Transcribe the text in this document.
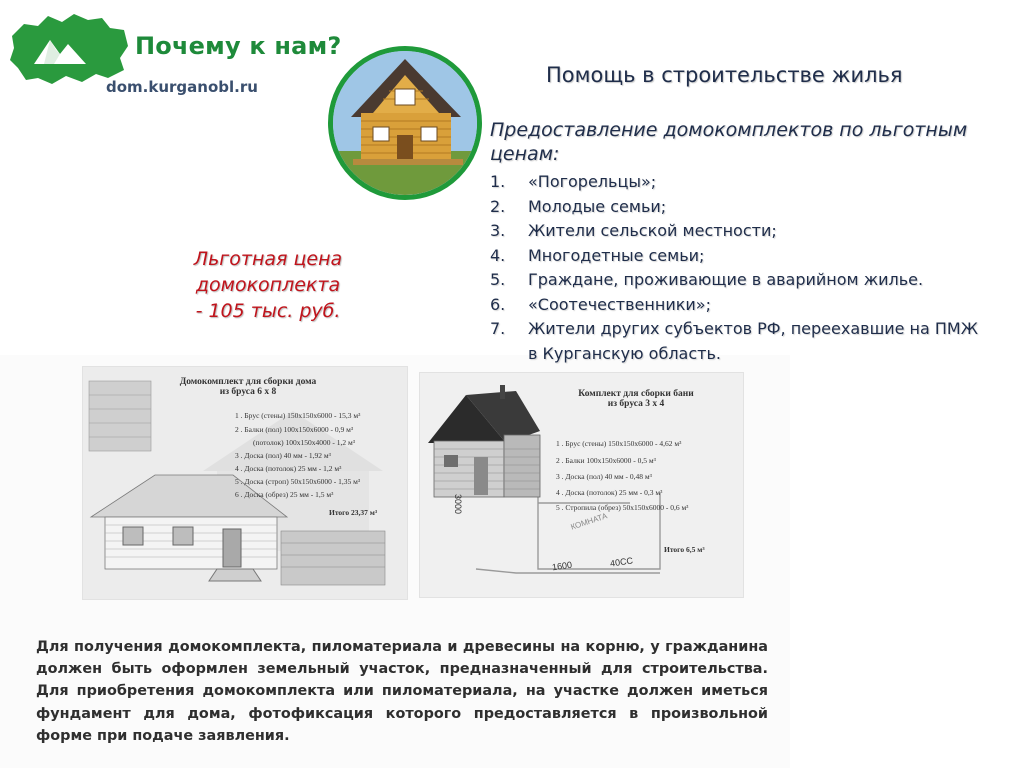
Почему к нам?
dom.kurganobl.ru	Помощь в строительстве жилья
Предоставление домокомплектов по льготным ценам:
1. «Погорельцы»;
2. Молодые семьи;
3. Жители сельской местности;
4. Многодетные семьи;
5. Граждане, проживающие в аварийном жилье.
6. «Соотечественники»;
7. Жители других субъектов РФ, переехавшие на ПМЖ в Курганскую область.
Льготная цена
домокоплекта
- 105 тыс. руб.
Домокомплект для сборки дома
из бруса 6 х 8
1 . Брус (стены) 150х150х6000 - 15,3 м³
2 . Балки (пол) 100х150х6000 - 0,9 м³
(потолок) 100х150х4000 - 1,2 м³
3 . Доска (пол) 40 мм - 1,92 м³
4 . Доска (потолок) 25 мм - 1,2 м³
5 . Доска (строп) 50х150х6000 - 1,35 м³
6 . Доска (обрез) 25 мм - 1,5 м³
Итого 23,37 м³
Комплект для сборки бани
из бруса 3 х 4
1 . Брус (стены) 150х150х6000 - 4,62 м³
2 . Балки 100х150х6000 - 0,5 м³
3 . Доска (пол) 40 мм - 0,48 м³
4 . Доска (потолок) 25 мм - 0,3 м³
5 . Стропила (обрез) 50х150х6000 - 0,6 м³
Итого 6,5 м³
3000
1600	40СС
КОМНАТА
Для получения домокомплекта, пиломатериала и древесины на корню, у гражданина должен быть оформлен земельный участок, предназначенный для строительства. Для приобретения домокомплекта или пиломатериала, на участке должен иметься фундамент для дома, фотофиксация которого предоставляется в произвольной форме при подаче заявления.
